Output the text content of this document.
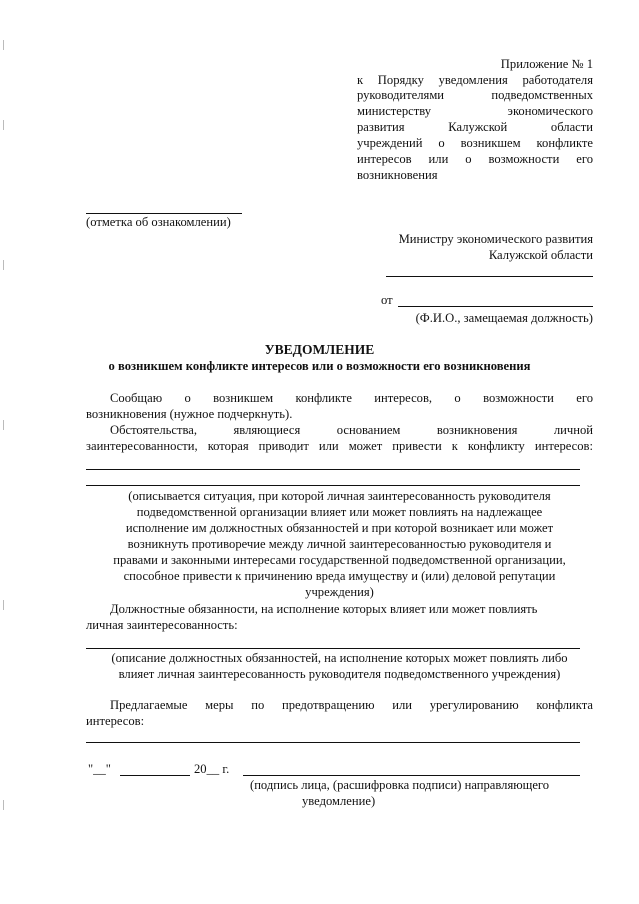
Приложение № 1
к Порядку уведомления работодателя
руководителями подведомственных
министерству экономического
развития Калужской области
учреждений о возникшем конфликте
интересов или о возможности его
возникновения
(отметка об ознакомлении)
Министру экономического развития
Калужской области
от
(Ф.И.О., замещаемая должность)
УВЕДОМЛЕНИЕ
о возникшем конфликте интересов или о возможности его возникновения
Сообщаю о возникшем конфликте интересов, о возможности его
возникновения (нужное подчеркнуть).
Обстоятельства, являющиеся основанием возникновения личной
заинтересованности, которая приводит или может привести к конфликту интересов:
(описывается ситуация, при которой личная заинтересованность руководителя
подведомственной организации влияет или может повлиять на надлежащее
исполнение им должностных обязанностей и при которой возникает или может
возникнуть противоречие между личной заинтересованностью руководителя и
правами и законными интересами государственной подведомственной организации,
способное привести к причинению вреда имуществу и (или) деловой репутации
учреждения)
Должностные обязанности, на исполнение которых влияет или может повлиять
личная заинтересованность:
(описание должностных обязанностей, на исполнение которых может повлиять либо
влияет личная заинтересованность руководителя подведомственного учреждения)
Предлагаемые меры по предотвращению или урегулированию конфликта
интересов:
"__"	20__ г.
(подпись лица, (расшифровка подписи) направляющего
уведомление)
